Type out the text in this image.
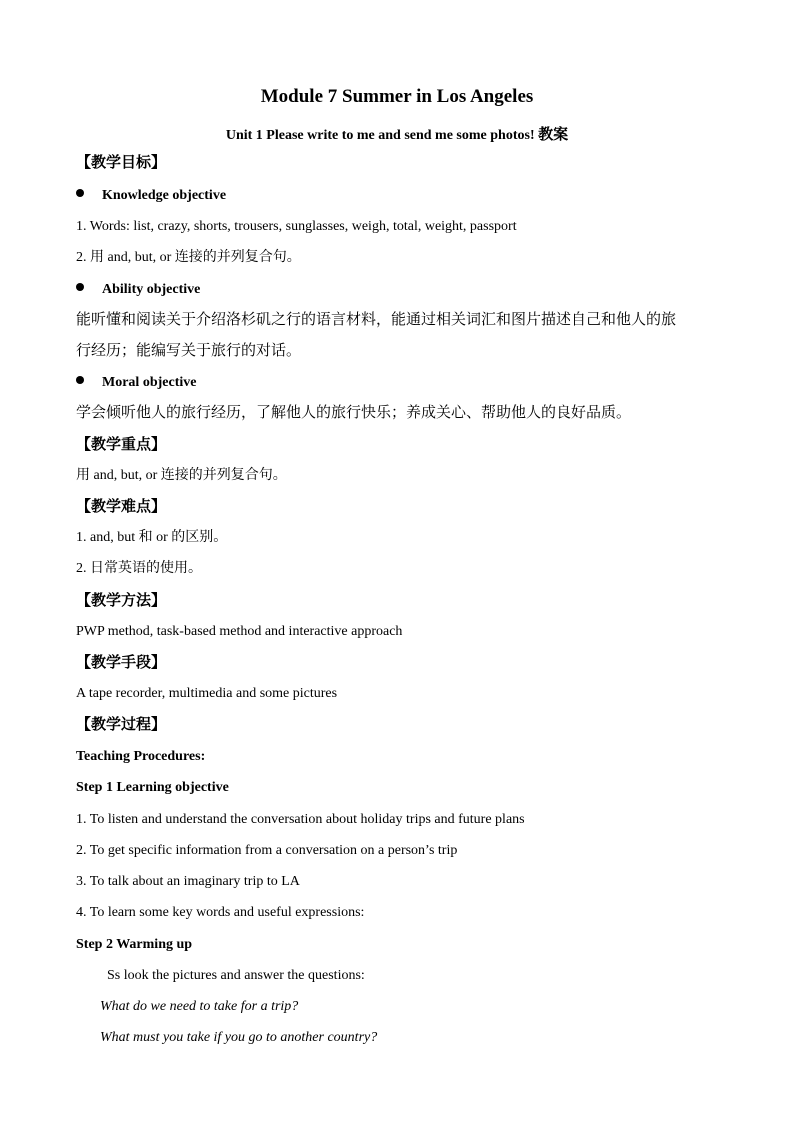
Module 7 Summer in Los Angeles
Unit 1 Please write to me and send me some photos! 教案
【教学目标】
Knowledge objective
1. Words: list, crazy, shorts, trousers, sunglasses, weigh, total, weight, passport
2. 用 and, but, or 连接的并列复合句。
Ability objective
能听懂和阅读关于介绍洛杉矶之行的语言材料，能通过相关词汇和图片描述自己和他人的旅
行经历；能编写关于旅行的对话。
Moral objective
学会倾听他人的旅行经历，了解他人的旅行快乐；养成关心、帮助他人的良好品质。
【教学重点】
用 and, but, or 连接的并列复合句。
【教学难点】
1. and, but 和 or 的区别。
2. 日常英语的使用。
【教学方法】
PWP method, task-based method and interactive approach
【教学手段】
A tape recorder, multimedia and some pictures
【教学过程】
Teaching Procedures:
Step 1 Learning objective
1. To listen and understand the conversation about holiday trips and future plans
2. To get specific information from a conversation on a person’s trip
3. To talk about an imaginary trip to LA
4. To learn some key words and useful expressions:
Step 2 Warming up
Ss look the pictures and answer the questions:
What do we need to take for a trip?
What must you take if you go to another country?
